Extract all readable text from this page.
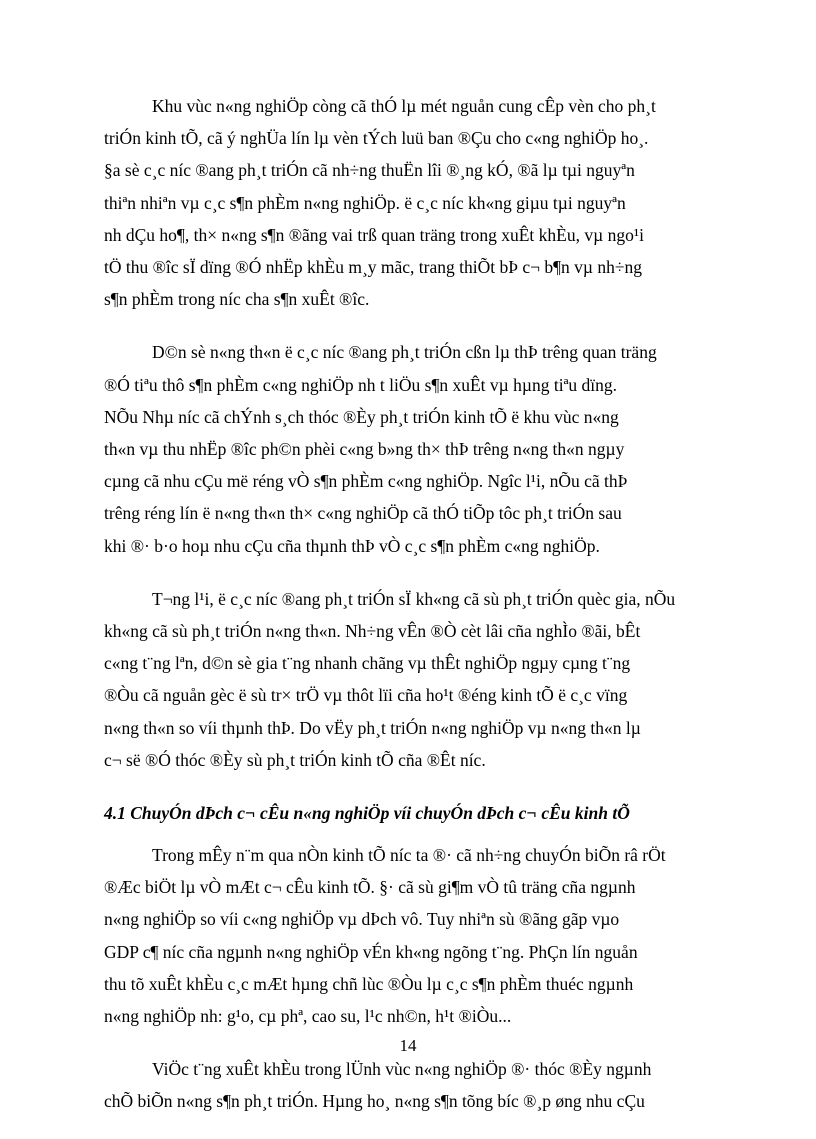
Khu vùc n«ng nghiÖp còng cã thÓ lµ mét nguån cung cÊp vèn cho ph¸t
triÓn kinh tÕ, cã ý nghÜa lín lµ vèn tÝch luü ban ®Çu cho c«ng nghiÖp ho¸.
§a sè c¸c níc ®ang ph¸t triÓn cã nh÷ng thuËn lîi ®¸ng kÓ, ®ã lµ tµi nguyªn
thiªn nhiªn vµ c¸c s¶n phÈm n«ng nghiÖp. ë c¸c níc kh«ng giµu tµi nguyªn
nh dÇu ho¶, th× n«ng s¶n ®ãng vai trß quan träng trong xuÊt khÈu, vµ ngo¹i
tÖ thu ®îc sÏ dïng ®Ó nhËp khÈu m¸y mãc, trang thiÕt bÞ c¬ b¶n vµ nh÷ng
s¶n phÈm trong níc cha s¶n xuÊt ®îc.
D©n sè n«ng th«n ë c¸c níc ®ang ph¸t triÓn cßn lµ thÞ trêng quan träng
®Ó tiªu thô s¶n phÈm c«ng nghiÖp nh t liÖu s¶n xuÊt vµ hµng tiªu dïng.
NÕu Nhµ níc cã chÝnh s¸ch thóc ®Èy ph¸t triÓn kinh tÕ ë khu vùc n«ng
th«n vµ thu nhËp ®îc ph©n phèi c«ng b»ng th× thÞ trêng n«ng th«n ngµy
cµng cã nhu cÇu më réng vÒ s¶n phÈm c«ng nghiÖp. Ngîc l¹i, nÕu cã thÞ
trêng réng lín ë n«ng th«n th× c«ng nghiÖp cã thÓ tiÕp tôc ph¸t triÓn sau
khi ®· b·o hoµ nhu cÇu cña thµnh thÞ vÒ c¸c s¶n phÈm c«ng nghiÖp.
T¬ng l¹i, ë c¸c níc ®ang ph¸t triÓn sÏ kh«ng cã sù ph¸t triÓn quèc gia, nÕu
kh«ng cã sù ph¸t triÓn n«ng th«n. Nh÷ng vÊn ®Ò cèt lâi cña nghÌo ®ãi, bÊt
c«ng t¨ng lªn, d©n sè gia t¨ng nhanh chãng vµ thÊt nghiÖp ngµy cµng t¨ng
®Òu cã nguån gèc ë sù tr× trÖ vµ thôt lïi cña ho¹t ®éng kinh tÕ ë c¸c vïng
n«ng th«n so víi thµnh thÞ. Do vËy ph¸t triÓn n«ng nghiÖp vµ n«ng th«n lµ
c¬ së ®Ó thóc ®Èy sù ph¸t triÓn kinh tÕ cña ®Êt níc.
4.1 ChuyÓn dÞch c¬ cÊu n«ng nghiÖp víi chuyÓn dÞch c¬ cÊu kinh tÕ
Trong mÊy n¨m qua nÒn kinh tÕ níc ta ®· cã nh÷ng chuyÓn biÕn râ rÖt
®Æc biÖt lµ vÒ mÆt c¬ cÊu kinh tÕ. §· cã sù gi¶m vÒ tû träng cña ngµnh
n«ng nghiÖp so víi c«ng nghiÖp vµ dÞch vô. Tuy nhiªn sù ®ãng gãp vµo
GDP c¶ níc cña ngµnh n«ng nghiÖp vÉn kh«ng ngõng t¨ng. PhÇn lín nguån
thu tõ xuÊt khÈu c¸c mÆt hµng chñ lùc ®Òu lµ c¸c s¶n phÈm thuéc ngµnh
n«ng nghiÖp nh: g¹o, cµ phª, cao su, l¹c nh©n, h¹t ®iÒu...
ViÖc t¨ng xuÊt khÈu trong lÜnh vùc n«ng nghiÖp ®· thóc ®Èy ngµnh
chÕ biÕn n«ng s¶n ph¸t triÓn. Hµng ho¸ n«ng s¶n tõng bíc ®¸p øng nhu cÇu
14
